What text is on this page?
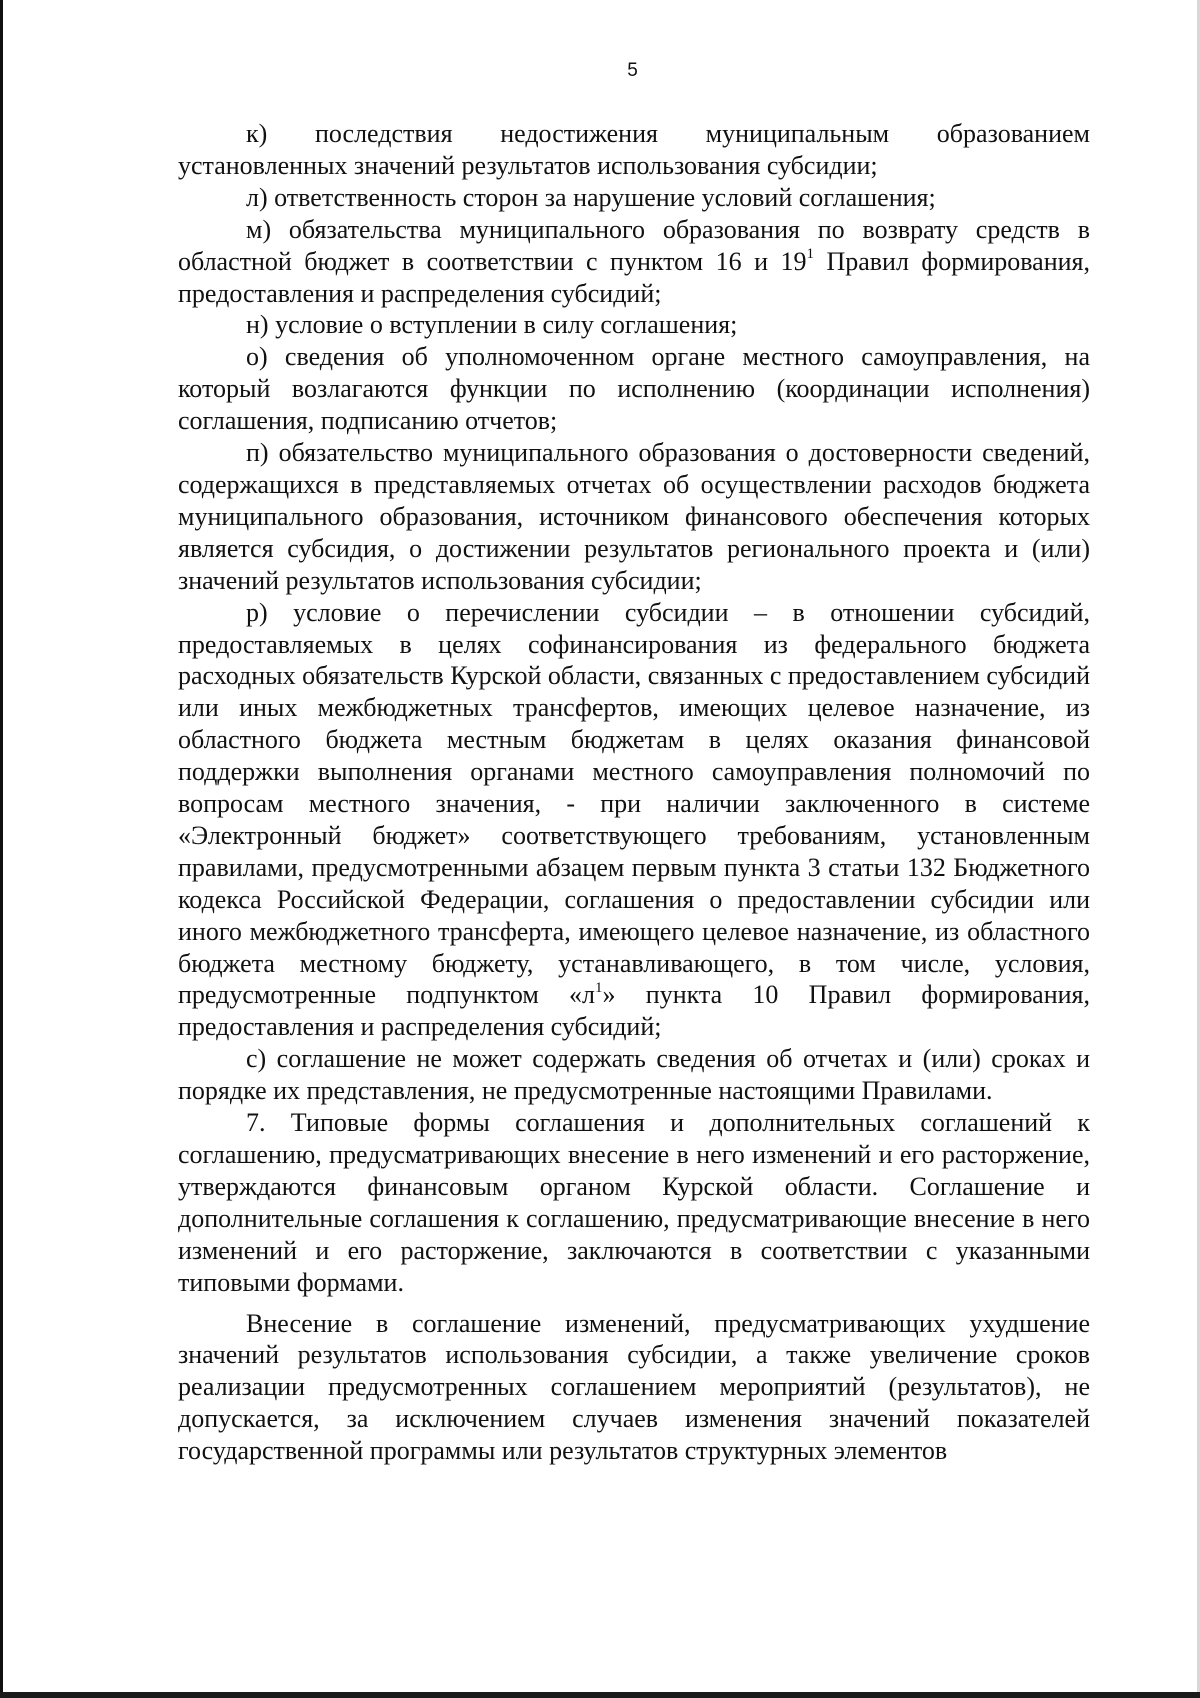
5

к) последствия недостижения муниципальным образованием установленных значений результатов использования субсидии;

л) ответственность сторон за нарушение условий соглашения;

м) обязательства муниципального образования по возврату средств в областной бюджет в соответствии с пунктом 16 и $19^1$ Правил формирования, предоставления и распределения субсидий;

н) условие о вступлении в силу соглашения;

о) сведения об уполномоченном органе местного самоуправления, на который возлагаются функции по исполнению (координации исполнения) соглашения, подписанию отчетов;

п) обязательство муниципального образования о достоверности сведений, содержащихся в представляемых отчетах об осуществлении расходов бюджета муниципального образования, источником финансового обеспечения которых является субсидия, о достижении результатов регионального проекта и (или) значений результатов использования субсидии;

р) условие о перечислении субсидии – в отношении субсидий, предоставляемых в целях софинансирования из федерального бюджета расходных обязательств Курской области, связанных с предоставлением субсидий или иных межбюджетных трансфертов, имеющих целевое назначение, из областного бюджета местным бюджетам в целях оказания финансовой поддержки выполнения органами местного самоуправления полномочий по вопросам местного значения, - при наличии заключенного в системе «Электронный бюджет» соответствующего требованиям, установленным правилами, предусмотренными абзацем первым пункта 3 статьи 132 Бюджетного кодекса Российской Федерации, соглашения о предоставлении субсидии или иного межбюджетного трансферта, имеющего целевое назначение, из областного бюджета местному бюджету, устанавливающего, в том числе, условия, предусмотренные подпунктом «$л^1$» пункта 10 Правил формирования, предоставления и распределения субсидий;

с) соглашение не может содержать сведения об отчетах и (или) сроках и порядке их представления, не предусмотренные настоящими Правилами.

7. Типовые формы соглашения и дополнительных соглашений к соглашению, предусматривающих внесение в него изменений и его расторжение, утверждаются финансовым органом Курской области. Соглашение и дополнительные соглашения к соглашению, предусматривающие внесение в него изменений и его расторжение, заключаются в соответствии с указанными типовыми формами.

Внесение в соглашение изменений, предусматривающих ухудшение значений результатов использования субсидии, а также увеличение сроков реализации предусмотренных соглашением мероприятий (результатов), не допускается, за исключением случаев изменения значений показателей государственной программы или результатов структурных элементов
